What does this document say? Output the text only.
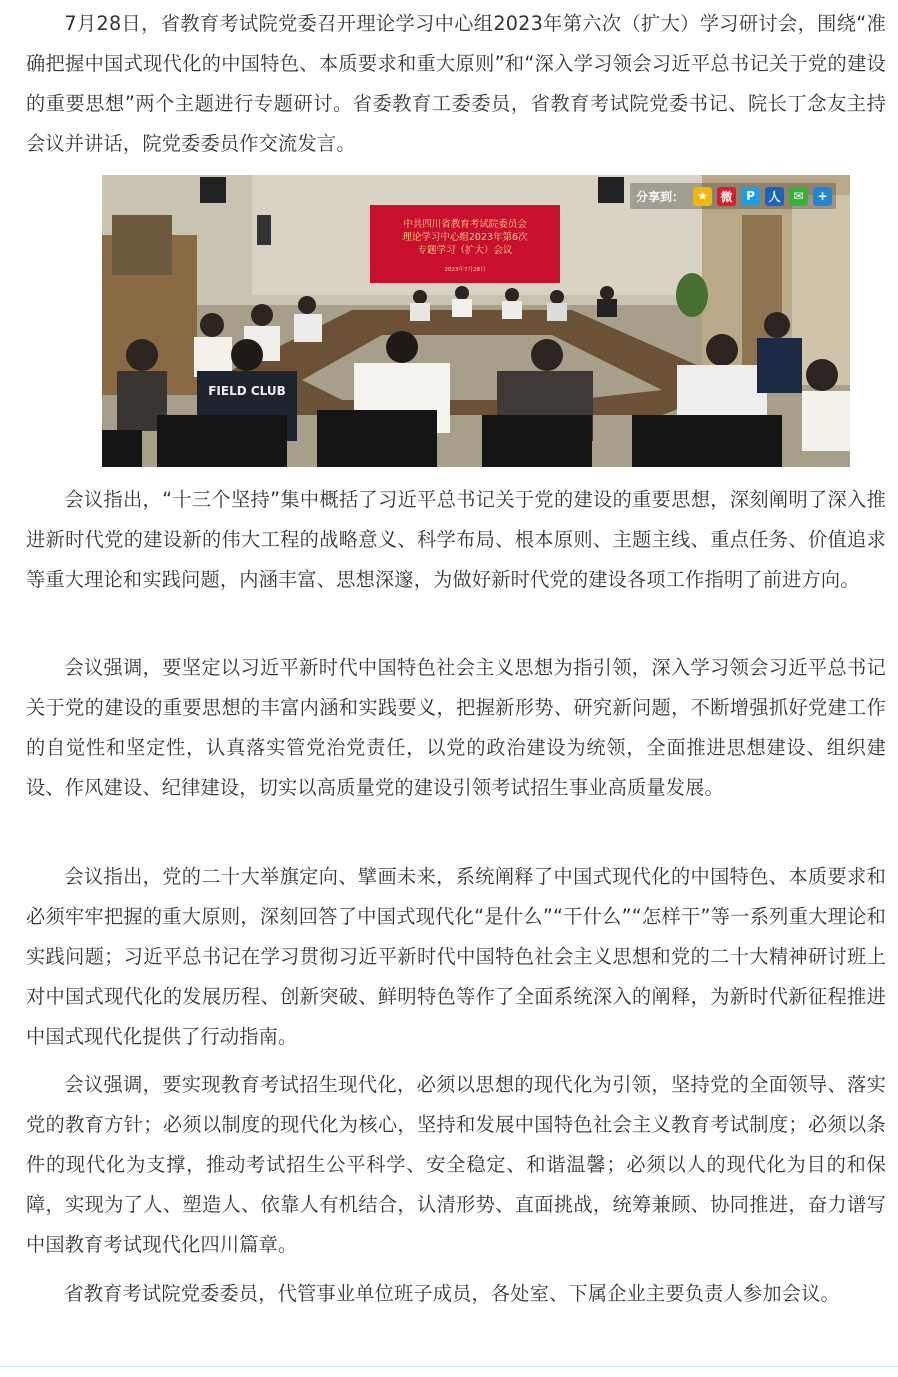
7月28日，省教育考试院党委召开理论学习中心组2023年第六次（扩大）学习研讨会，围绕“准确把握中国式现代化的中国特色、本质要求和重大原则”和“深入学习领会习近平总书记关于党的建设的重要思想”两个主题进行专题研讨。省委教育工委委员，省教育考试院党委书记、院长丁念友主持会议并讲话，院党委委员作交流发言。

会议指出，“十三个坚持”集中概括了习近平总书记关于党的建设的重要思想，深刻阐明了深入推进新时代党的建设新的伟大工程的战略意义、科学布局、根本原则、主题主线、重点任务、价值追求等重大理论和实践问题，内涵丰富、思想深邃，为做好新时代党的建设各项工作指明了前进方向。

会议强调，要坚定以习近平新时代中国特色社会主义思想为指引领，深入学习领会习近平总书记关于党的建设的重要思想的丰富内涵和实践要义，把握新形势、研究新问题，不断增强抓好党建工作的自觉性和坚定性，认真落实管党治党责任，以党的政治建设为统领，全面推进思想建设、组织建设、作风建设、纪律建设，切实以高质量党的建设引领考试招生事业高质量发展。

会议指出，党的二十大举旗定向、擘画未来，系统阐释了中国式现代化的中国特色、本质要求和必须牢牢把握的重大原则，深刻回答了中国式现代化“是什么”“干什么”“怎样干”等一系列重大理论和实践问题；习近平总书记在学习贯彻习近平新时代中国特色社会主义思想和党的二十大精神研讨班上对中国式现代化的发展历程、创新突破、鲜明特色等作了全面系统深入的阐释，为新时代新征程推进中国式现代化提供了行动指南。

会议强调，要实现教育考试招生现代化，必须以思想的现代化为引领，坚持党的全面领导、落实党的教育方针；必须以制度的现代化为核心，坚持和发展中国特色社会主义教育考试制度；必须以条件的现代化为支撑，推动考试招生公平科学、安全稳定、和谐温馨；必须以人的现代化为目的和保障，实现为了人、塑造人、依靠人有机结合，认清形势、直面挑战，统筹兼顾、协同推进，奋力谱写中国教育考试现代化四川篇章。

省教育考试院党委委员，代管事业单位班子成员，各处室、下属企业主要负责人参加会议。

中共四川省教育考试院委员会
理论学习中心组2023年第6次
专题学习（扩大）会议
2023年7月28日
FIELD CLUB
分享到：	★	微	P	人	✉	+
